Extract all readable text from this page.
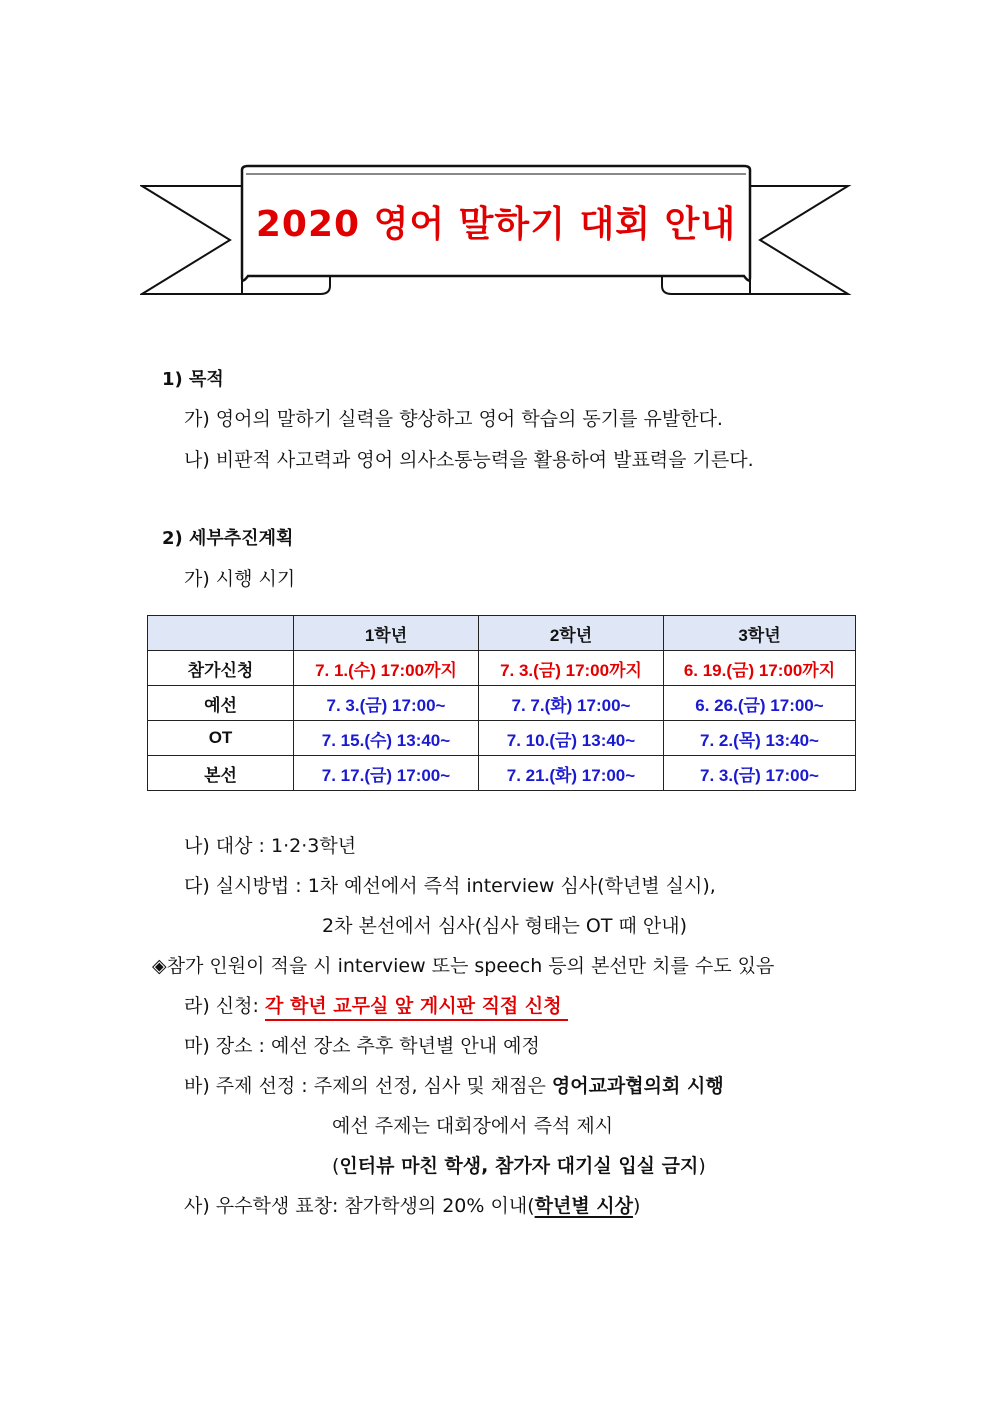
2020 영어 말하기 대회 안내
1) 목적
가) 영어의 말하기 실력을 향상하고 영어 학습의 동기를 유발한다.
나) 비판적 사고력과 영어 의사소통능력을 활용하여 발표력을 기른다.
2) 세부추진계획
가) 시행 시기
	1학년	2학년	3학년
참가신청	7. 1.(수) 17:00까지	7. 3.(금) 17:00까지	6. 19.(금) 17:00까지
예선	7. 3.(금) 17:00~	7. 7.(화) 17:00~	6. 26.(금) 17:00~
OT	7. 15.(수) 13:40~	7. 10.(금) 13:40~	7. 2.(목) 13:40~
본선	7. 17.(금) 17:00~	7. 21.(화) 17:00~	7. 3.(금) 17:00~
나) 대상 : 1·2·3학년
다) 실시방법 : 1차 예선에서 즉석 interview 심사(학년별 실시),
2차 본선에서 심사(심사 형태는 OT 때 안내)
◈참가 인원이 적을 시 interview 또는 speech 등의 본선만 치를 수도 있음
라) 신청: 각 학년 교무실 앞 게시판 직접 신청
마) 장소 : 예선 장소 추후 학년별 안내 예정
바) 주제 선정 : 주제의 선정, 심사 및 채점은 영어교과협의회 시행
예선 주제는 대회장에서 즉석 제시
(인터뷰 마친 학생, 참가자 대기실 입실 금지)
사) 우수학생 표창: 참가학생의 20% 이내(학년별 시상)
